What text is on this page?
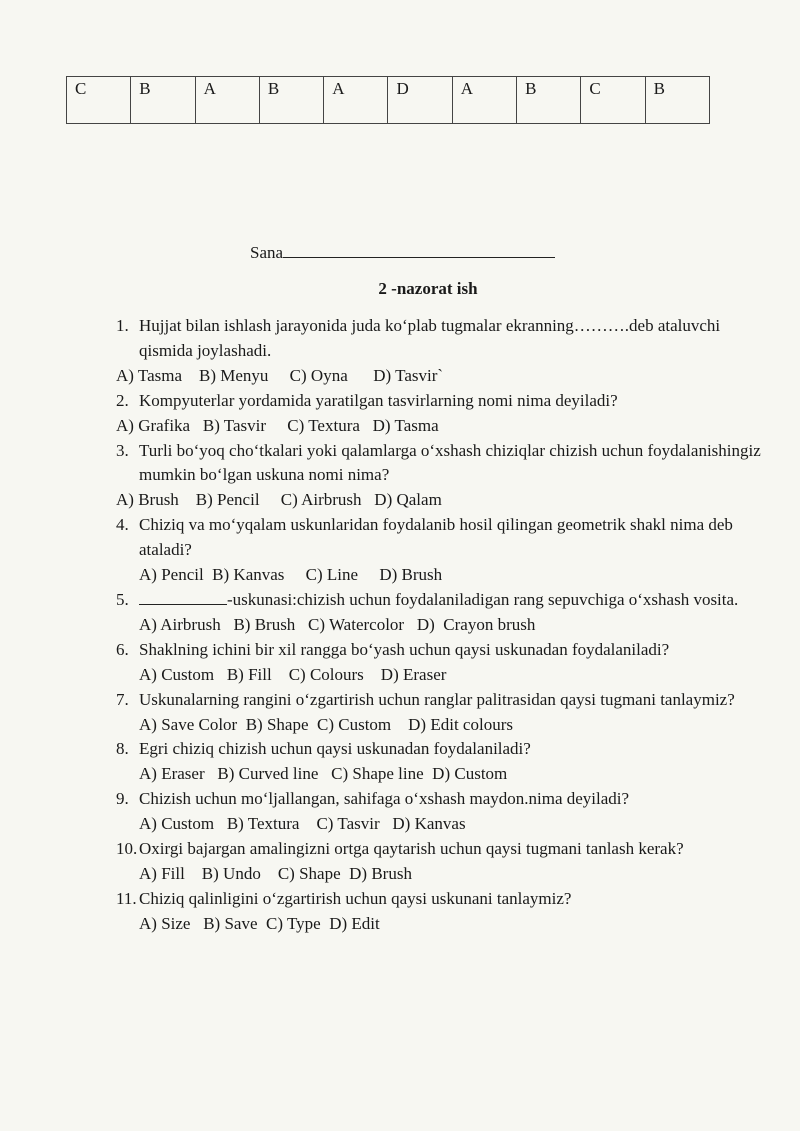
C	B	A	B	A	D	A	B	C	B
Sana
2 -nazorat ish
1. Hujjat bilan ishlash jarayonida juda ko‘plab tugmalar ekranning……….deb ataluvchi qismida joylashadi.
A) Tasma    B) Menyu     C) Oyna      D) Tasvir`
2. Kompyuterlar yordamida yaratilgan tasvirlarning nomi nima deyiladi?
A) Grafika   B) Tasvir     C) Textura   D) Tasma
3. Turli bo‘yoq cho‘tkalari yoki qalamlarga o‘xshash chiziqlar chizish uchun foydalanishingiz mumkin bo‘lgan uskuna nomi nima?
A) Brush    B) Pencil     C) Airbrush   D) Qalam
4. Chiziq va mo‘yqalam uskunlaridan foydalanib hosil qilingan geometrik shakl nima deb ataladi?
A) Pencil  B) Kanvas     C) Line     D) Brush
5.	-uskunasi:chizish uchun foydalaniladigan rang sepuvchiga o‘xshash vosita.
A) Airbrush   B) Brush   C) Watercolor   D)  Crayon brush
6. Shaklning ichini bir xil rangga bo‘yash uchun qaysi uskunadan foydalaniladi?
A) Custom   B) Fill    C) Colours    D) Eraser
7. Uskunalarning rangini o‘zgartirish uchun ranglar palitrasidan qaysi tugmani tanlaymiz?
A) Save Color  B) Shape  C) Custom    D) Edit colours
8. Egri chiziq chizish uchun qaysi uskunadan foydalaniladi?
A) Eraser   B) Curved line   C) Shape line  D) Custom
9. Chizish uchun mo‘ljallangan, sahifaga o‘xshash maydon.nima deyiladi?
A) Custom   B) Textura    C) Tasvir   D) Kanvas
10. Oxirgi bajargan amalingizni ortga qaytarish uchun qaysi tugmani tanlash kerak?
A) Fill    B) Undo    C) Shape  D) Brush
11. Chiziq qalinligini o‘zgartirish uchun qaysi uskunani tanlaymiz?
A) Size   B) Save  C) Type  D) Edit
